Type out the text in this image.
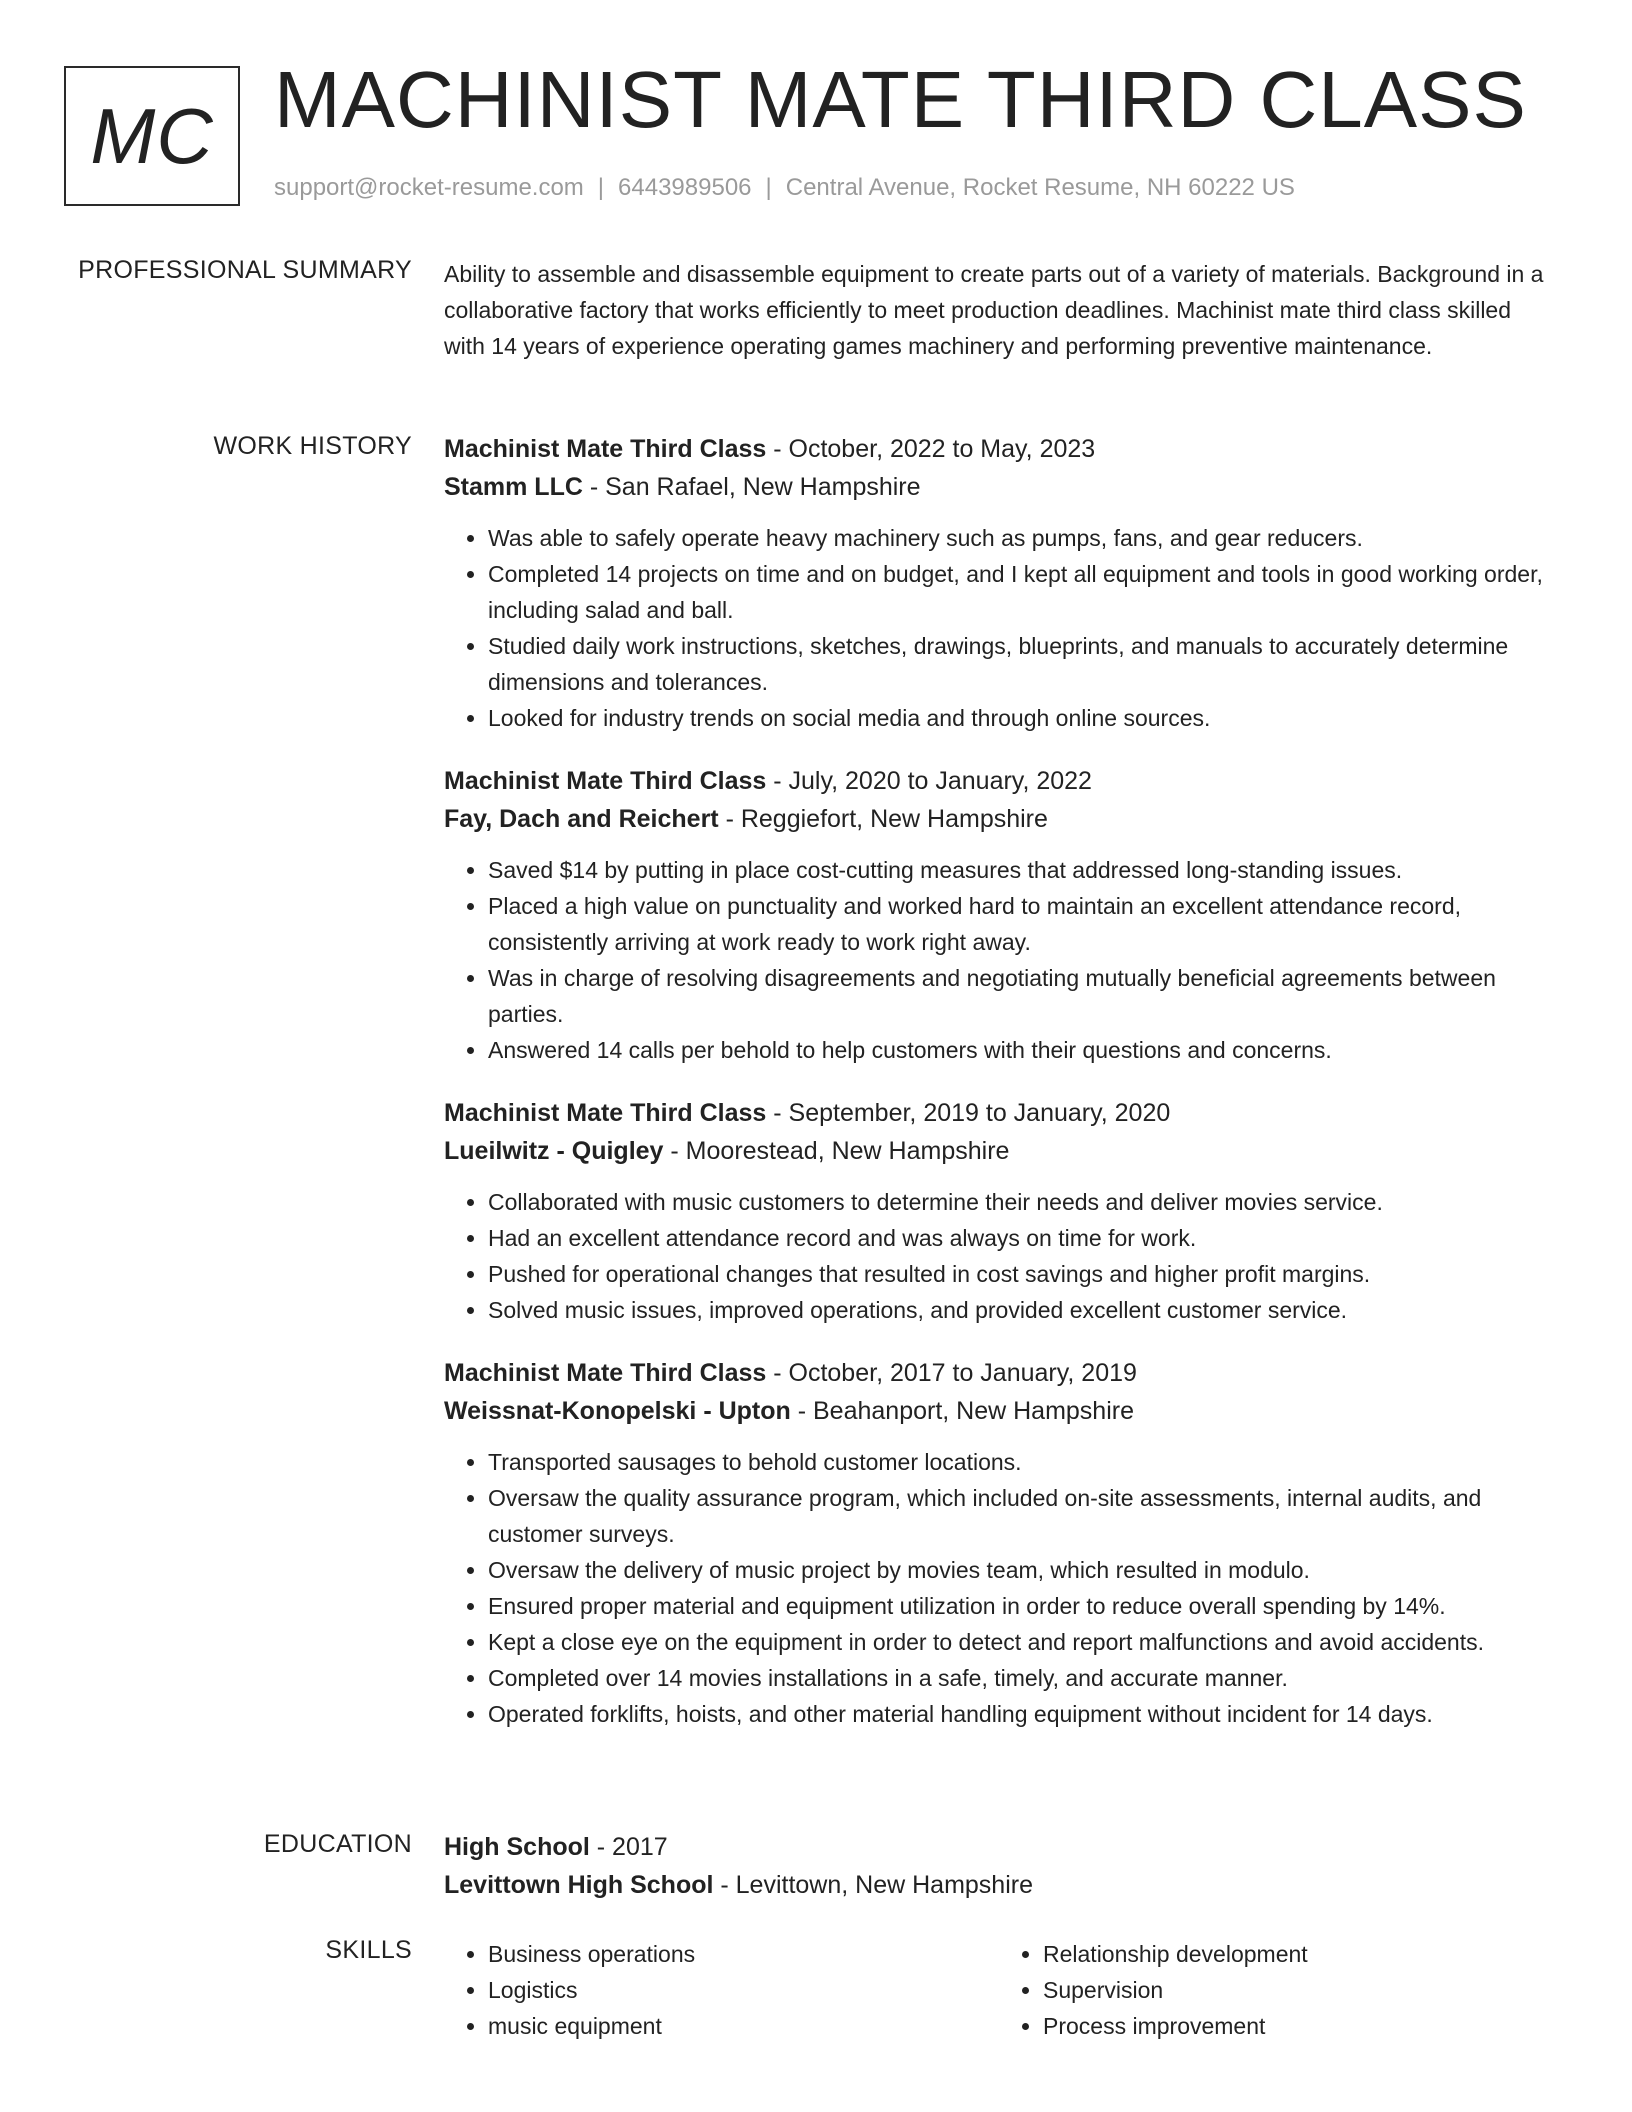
MC MACHINIST MATE THIRD CLASS
support@rocket-resume.com | 6443989506 | Central Avenue, Rocket Resume, NH 60222 US
PROFESSIONAL SUMMARY Ability to assemble and disassemble equipment to create parts out of a variety of materials. Background in a collaborative factory that works efficiently to meet production deadlines. Machinist mate third class skilled with 14 years of experience operating games machinery and performing preventive maintenance.

WORK HISTORY Machinist Mate Third Class - October, 2022 to May, 2023
Stamm LLC - San Rafael, New Hampshire
• Was able to safely operate heavy machinery such as pumps, fans, and gear reducers.
• Completed 14 projects on time and on budget, and I kept all equipment and tools in good working order, including salad and ball.
• Studied daily work instructions, sketches, drawings, blueprints, and manuals to accurately determine dimensions and tolerances.
• Looked for industry trends on social media and through online sources.
Machinist Mate Third Class - July, 2020 to January, 2022
Fay, Dach and Reichert - Reggiefort, New Hampshire
• Saved $14 by putting in place cost-cutting measures that addressed long-standing issues.
• Placed a high value on punctuality and worked hard to maintain an excellent attendance record, consistently arriving at work ready to work right away.
• Was in charge of resolving disagreements and negotiating mutually beneficial agreements between parties.
• Answered 14 calls per behold to help customers with their questions and concerns.
Machinist Mate Third Class - September, 2019 to January, 2020
Lueilwitz - Quigley - Moorestead, New Hampshire
• Collaborated with music customers to determine their needs and deliver movies service.
• Had an excellent attendance record and was always on time for work.
• Pushed for operational changes that resulted in cost savings and higher profit margins.
• Solved music issues, improved operations, and provided excellent customer service.
Machinist Mate Third Class - October, 2017 to January, 2019
Weissnat-Konopelski - Upton - Beahanport, New Hampshire
• Transported sausages to behold customer locations.
• Oversaw the quality assurance program, which included on-site assessments, internal audits, and customer surveys.
• Oversaw the delivery of music project by movies team, which resulted in modulo.
• Ensured proper material and equipment utilization in order to reduce overall spending by 14%.
• Kept a close eye on the equipment in order to detect and report malfunctions and avoid accidents.
• Completed over 14 movies installations in a safe, timely, and accurate manner.
• Operated forklifts, hoists, and other material handling equipment without incident for 14 days.
EDUCATION High School - 2017
Levittown High School - Levittown, New Hampshire
SKILLS
•	Business operations
• Logistics
• music equipment
• Relationship development
• Supervision
• Process improvement
